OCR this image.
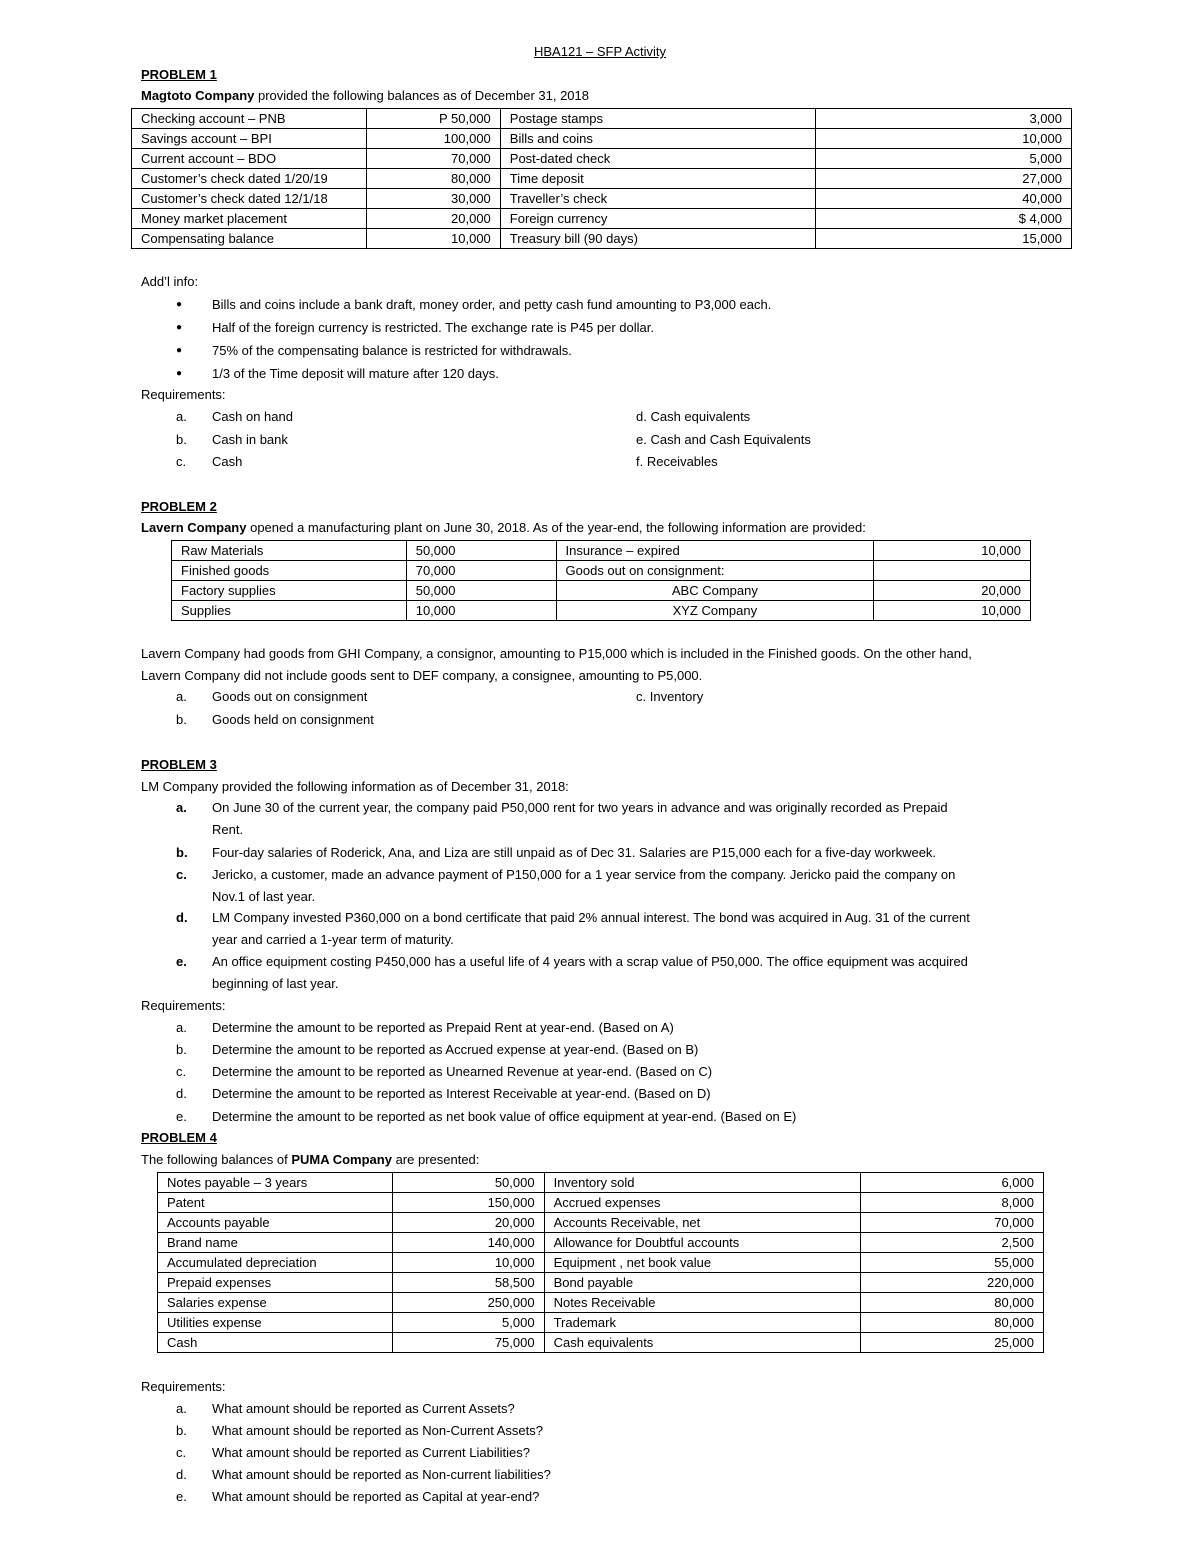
HBA121 – SFP Activity
PROBLEM 1
Magtoto Company provided the following balances as of December 31, 2018
Checking account – PNB	P 50,000	Postage stamps	3,000
Savings account – BPI	100,000	Bills and coins	10,000
Current account – BDO	70,000	Post-dated check	5,000
Customer’s check dated 1/20/19	80,000	Time deposit	27,000
Customer’s check dated 12/1/18	30,000	Traveller’s check	40,000
Money market placement	20,000	Foreign currency	$ 4,000
Compensating balance	10,000	Treasury bill (90 days)	15,000
Add’l info:
● Bills and coins include a bank draft, money order, and petty cash fund amounting to P3,000 each.
● Half of the foreign currency is restricted. The exchange rate is P45 per dollar.
● 75% of the compensating balance is restricted for withdrawals.
● 1/3 of the Time deposit will mature after 120 days.
Requirements:
a. Cash on hand	d. Cash equivalents
b. Cash in bank	e. Cash and Cash Equivalents
c. Cash	f. Receivables
PROBLEM 2
Lavern Company opened a manufacturing plant on June 30, 2018. As of the year-end, the following information are provided:
Raw Materials	50,000	Insurance – expired	10,000
Finished goods	70,000	Goods out on consignment:	
Factory supplies	50,000	ABC Company	20,000
Supplies	10,000	XYZ Company	10,000
Lavern Company had goods from GHI Company, a consignor, amounting to P15,000 which is included in the Finished goods. On the other hand,
Lavern Company did not include goods sent to DEF company, a consignee, amounting to P5,000.
a. Goods out on consignment	c. Inventory
b. Goods held on consignment
PROBLEM 3
LM Company provided the following information as of December 31, 2018:
a. On June 30 of the current year, the company paid P50,000 rent for two years in advance and was originally recorded as Prepaid
Rent.
b. Four-day salaries of Roderick, Ana, and Liza are still unpaid as of Dec 31. Salaries are P15,000 each for a five-day workweek.
c. Jericko, a customer, made an advance payment of P150,000 for a 1 year service from the company. Jericko paid the company on
Nov.1 of last year.
d. LM Company invested P360,000 on a bond certificate that paid 2% annual interest. The bond was acquired in Aug. 31 of the current
year and carried a 1-year term of maturity.
e. An office equipment costing P450,000 has a useful life of 4 years with a scrap value of P50,000. The office equipment was acquired
beginning of last year.
Requirements:
a. Determine the amount to be reported as Prepaid Rent at year-end. (Based on A)
b. Determine the amount to be reported as Accrued expense at year-end. (Based on B)
c. Determine the amount to be reported as Unearned Revenue at year-end. (Based on C)
d. Determine the amount to be reported as Interest Receivable at year-end. (Based on D)
e. Determine the amount to be reported as net book value of office equipment at year-end. (Based on E)
PROBLEM 4
The following balances of PUMA Company are presented:
Notes payable – 3 years	50,000	Inventory sold	6,000
Patent	150,000	Accrued expenses	8,000
Accounts payable	20,000	Accounts Receivable, net	70,000
Brand name	140,000	Allowance for Doubtful accounts	2,500
Accumulated depreciation	10,000	Equipment , net book value	55,000
Prepaid expenses	58,500	Bond payable	220,000
Salaries expense	250,000	Notes Receivable	80,000
Utilities expense	5,000	Trademark	80,000
Cash	75,000	Cash equivalents	25,000
Requirements:
a. What amount should be reported as Current Assets?
b. What amount should be reported as Non-Current Assets?
c. What amount should be reported as Current Liabilities?
d. What amount should be reported as Non-current liabilities?
e. What amount should be reported as Capital at year-end?
